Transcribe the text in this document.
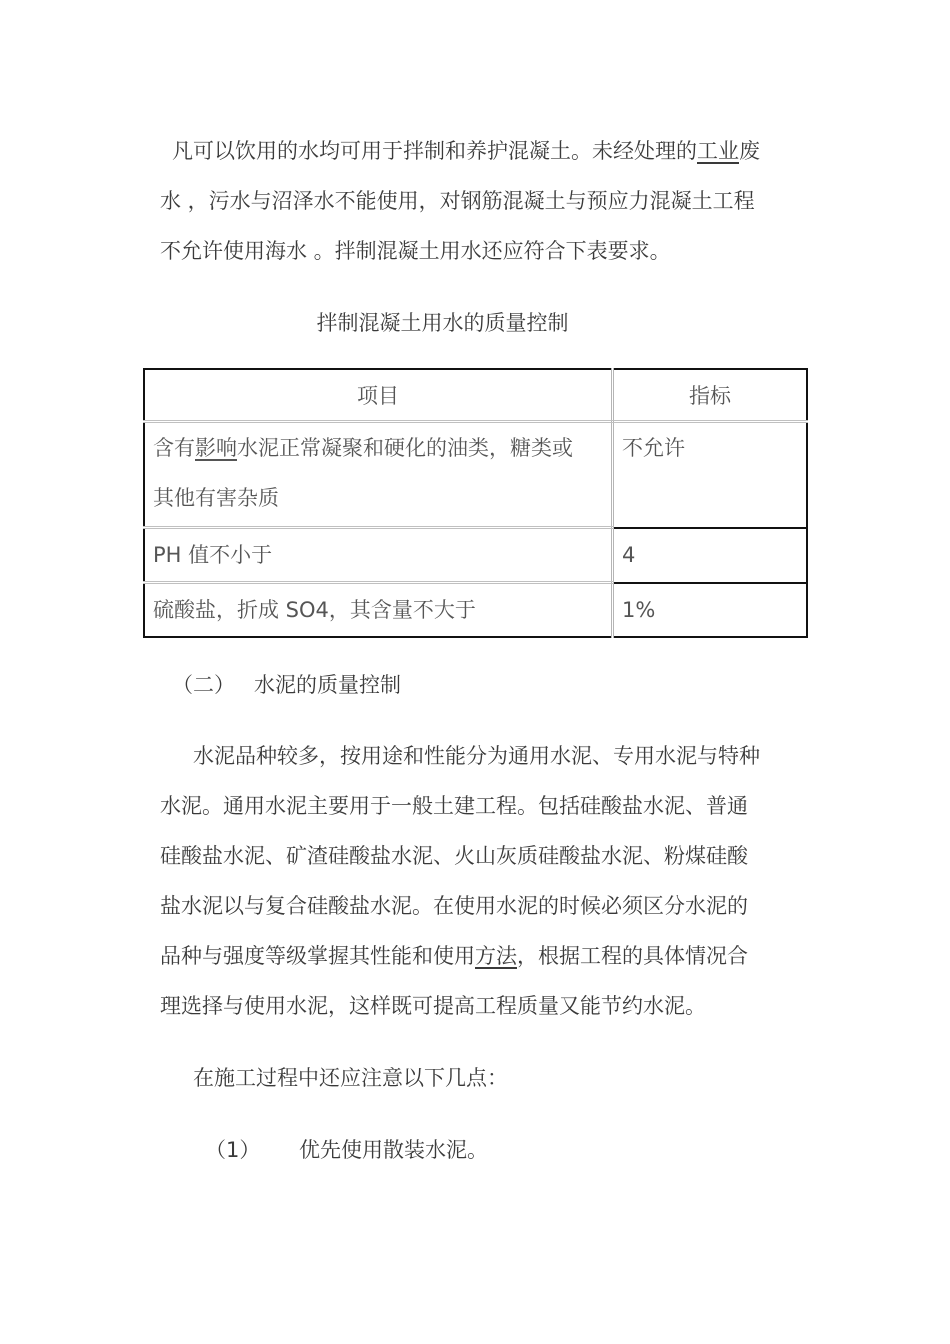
凡可以饮用的水均可用于拌制和养护混凝土。未经处理的工业废
水 ，污水与沼泽水不能使用，对钢筋混凝土与预应力混凝土工程
不允许使用海水 。拌制混凝土用水还应符合下表要求。

拌制混凝土用水的质量控制
项目	指标
含有影响水泥正常凝聚和硬化的油类，糖类或
其他有害杂质	不允许
PH 值不小于	4
硫酸盐，折成 SO4，其含量不大于	1%
（二） 水泥的质量控制

水泥品种较多，按用途和性能分为通用水泥、专用水泥与特种
水泥。通用水泥主要用于一般土建工程。包括硅酸盐水泥、普通
硅酸盐水泥、矿渣硅酸盐水泥、火山灰质硅酸盐水泥、粉煤硅酸
盐水泥以与复合硅酸盐水泥。在使用水泥的时候必须区分水泥的
品种与强度等级掌握其性能和使用方法，根据工程的具体情况合
理选择与使用水泥，这样既可提高工程质量又能节约水泥。

在施工过程中还应注意以下几点：

（1） 优先使用散装水泥。
